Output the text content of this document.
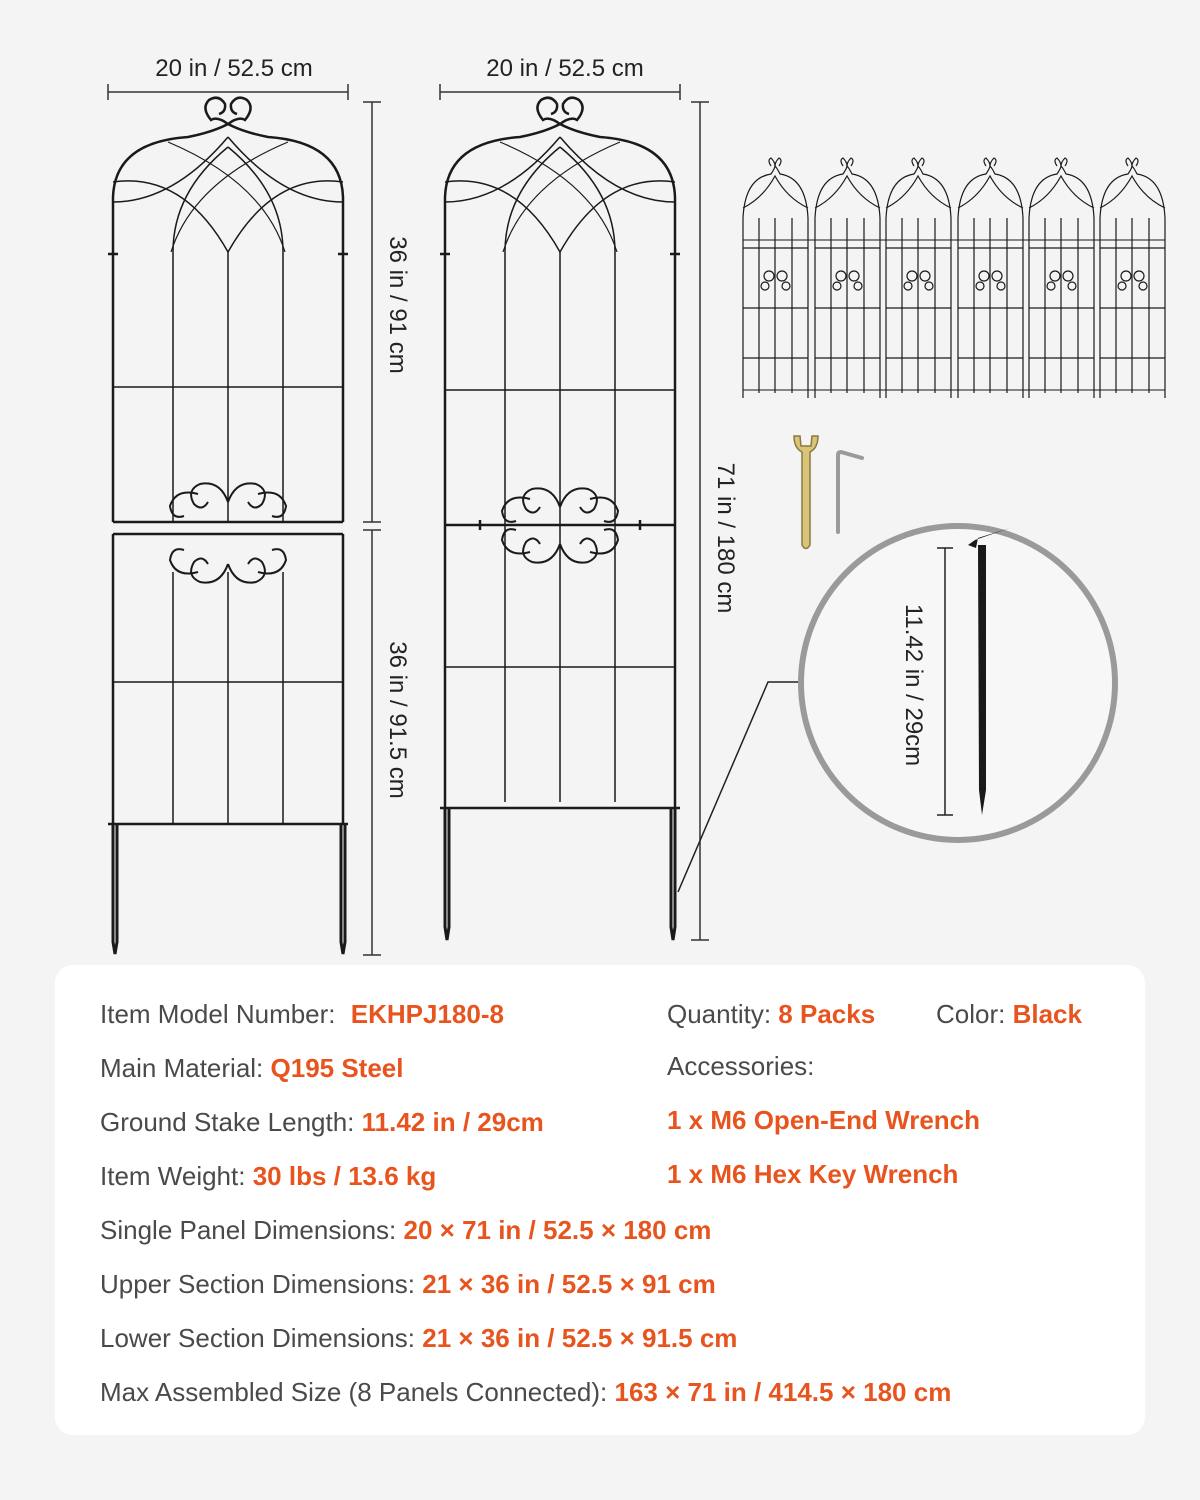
20 in / 52.5 cm	20 in / 52.5 cm
36 in / 91 cm
36 in / 91.5 cm
71 in / 180 cm
11.42 in / 29cm
Item Model Number: EKHPJ180-8	Quantity: 8 Packs Color: Black
Main Material: Q195 Steel	Accessories:
Ground Stake Length: 11.42 in / 29cm	1 x M6 Open-End Wrench
Item Weight: 30 lbs / 13.6 kg	1 x M6 Hex Key Wrench
Single Panel Dimensions: 20 × 71 in / 52.5 × 180 cm
Upper Section Dimensions: 21 × 36 in / 52.5 × 91 cm
Lower Section Dimensions: 21 × 36 in / 52.5 × 91.5 cm
Max Assembled Size (8 Panels Connected): 163 × 71 in / 414.5 × 180 cm
